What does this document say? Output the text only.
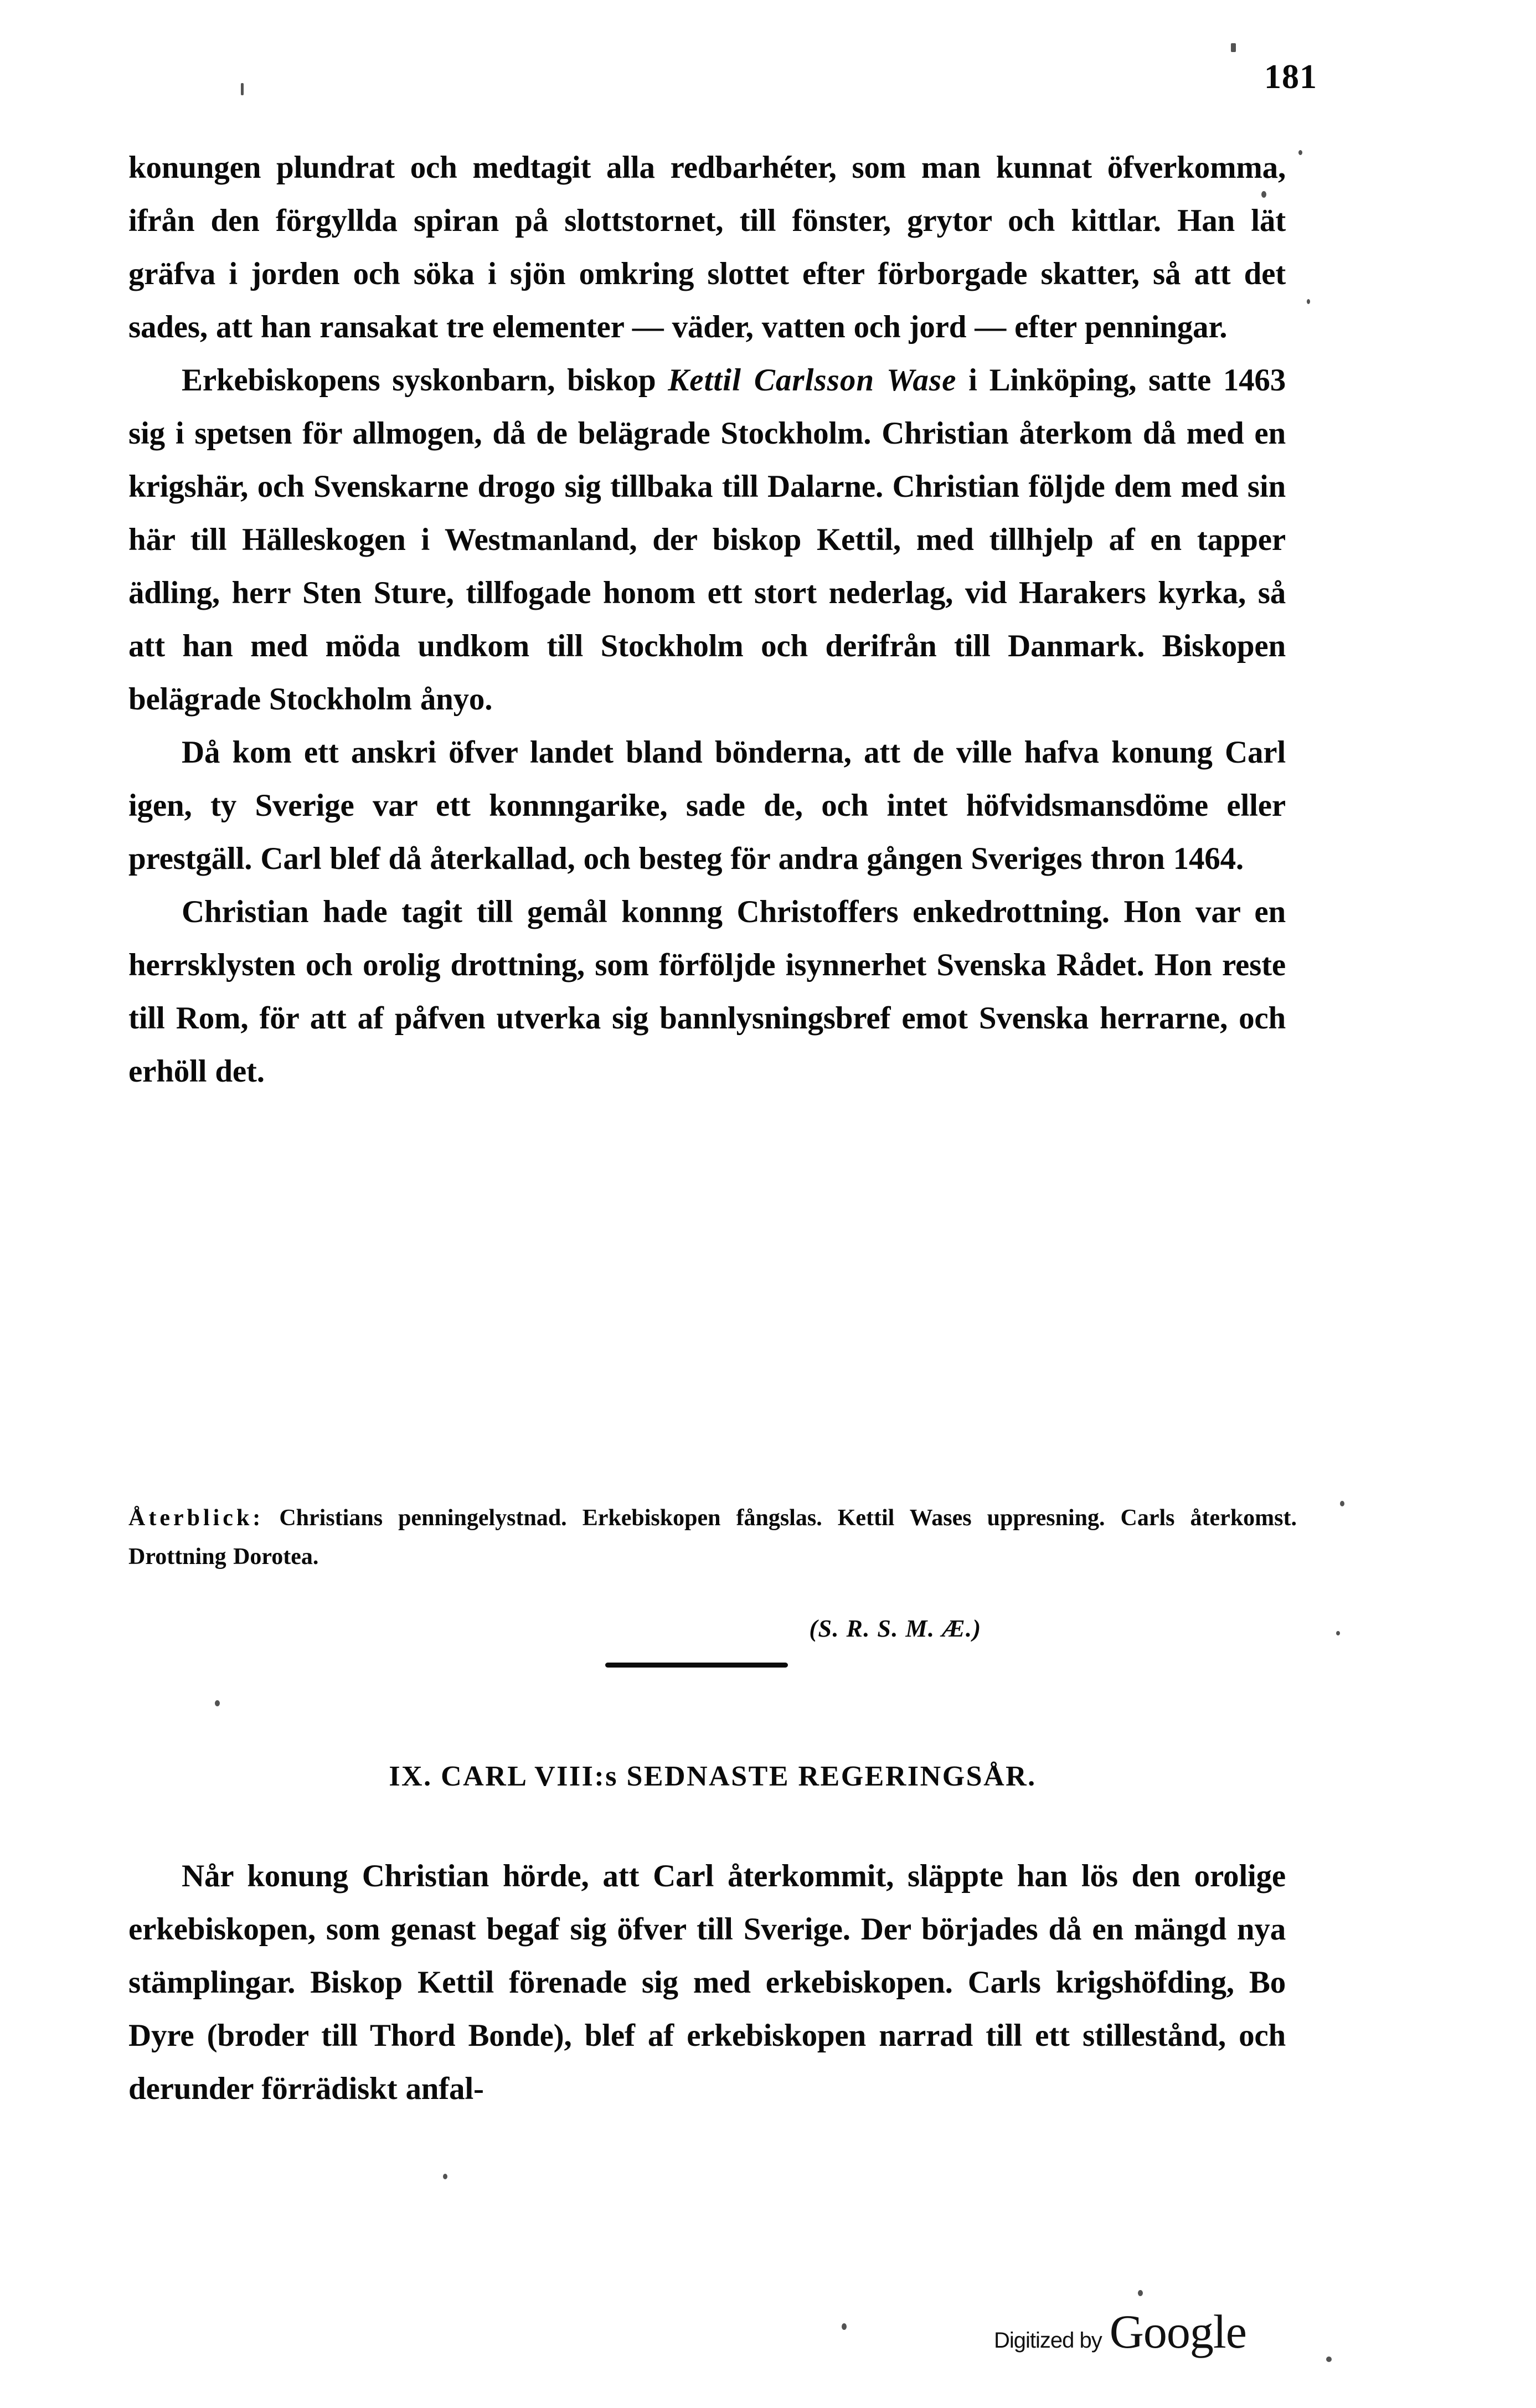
181

konungen plundrat och medtagit alla redbarhéter, som man kunnat öfverkomma, ifrån den förgyllda spiran på slottstornet, till fönster, grytor och kittlar. Han lät gräfva i jorden och söka i sjön omkring slottet efter förborgade skatter, så att det sades, att han ransakat tre elementer — väder, vatten och jord — efter penningar.

Erkebiskopens syskonbarn, biskop Kettil Carlsson Wase i Linköping, satte 1463 sig i spetsen för allmogen, då de belägrade Stockholm. Christian återkom då med en krigshär, och Svenskarne drogo sig tillbaka till Dalarne. Christian följde dem med sin här till Hälleskogen i Westmanland, der biskop Kettil, med tillhjelp af en tapper ädling, herr Sten Sture, tillfogade honom ett stort nederlag, vid Harakers kyrka, så att han med möda undkom till Stockholm och derifrån till Danmark. Biskopen belägrade Stockholm ånyo.

Då kom ett anskri öfver landet bland bönderna, att de ville hafva konung Carl igen, ty Sverige var ett konnngarike, sade de, och intet höfvidsmansdöme eller prestgäll. Carl blef då återkallad, och besteg för andra gången Sveriges thron 1464.

Christian hade tagit till gemål konnng Christoffers enkedrottning. Hon var en herrsklysten och orolig drottning, som förföljde isynnerhet Svenska Rådet. Hon reste till Rom, för att af påfven utverka sig bannlysningsbref emot Svenska herrarne, och erhöll det.

Återblick: Christians penningelystnad. Erkebiskopen fångslas. Kettil Wases uppresning. Carls återkomst. Drottning Dorotea.
(S. R. S. M. Æ.)
IX. CARL VIII:s SEDNASTE REGERINGSÅR.

Når konung Christian hörde, att Carl återkommit, släppte han lös den orolige erkebiskopen, som genast begaf sig öfver till Sverige. Der börjades då en mängd nya stämplingar. Biskop Kettil förenade sig med erkebiskopen. Carls krigshöfding, Bo Dyre (broder till Thord Bonde), blef af erkebiskopen narrad till ett stillestånd, och derunder förrädiskt anfal-

Digitized by Google
